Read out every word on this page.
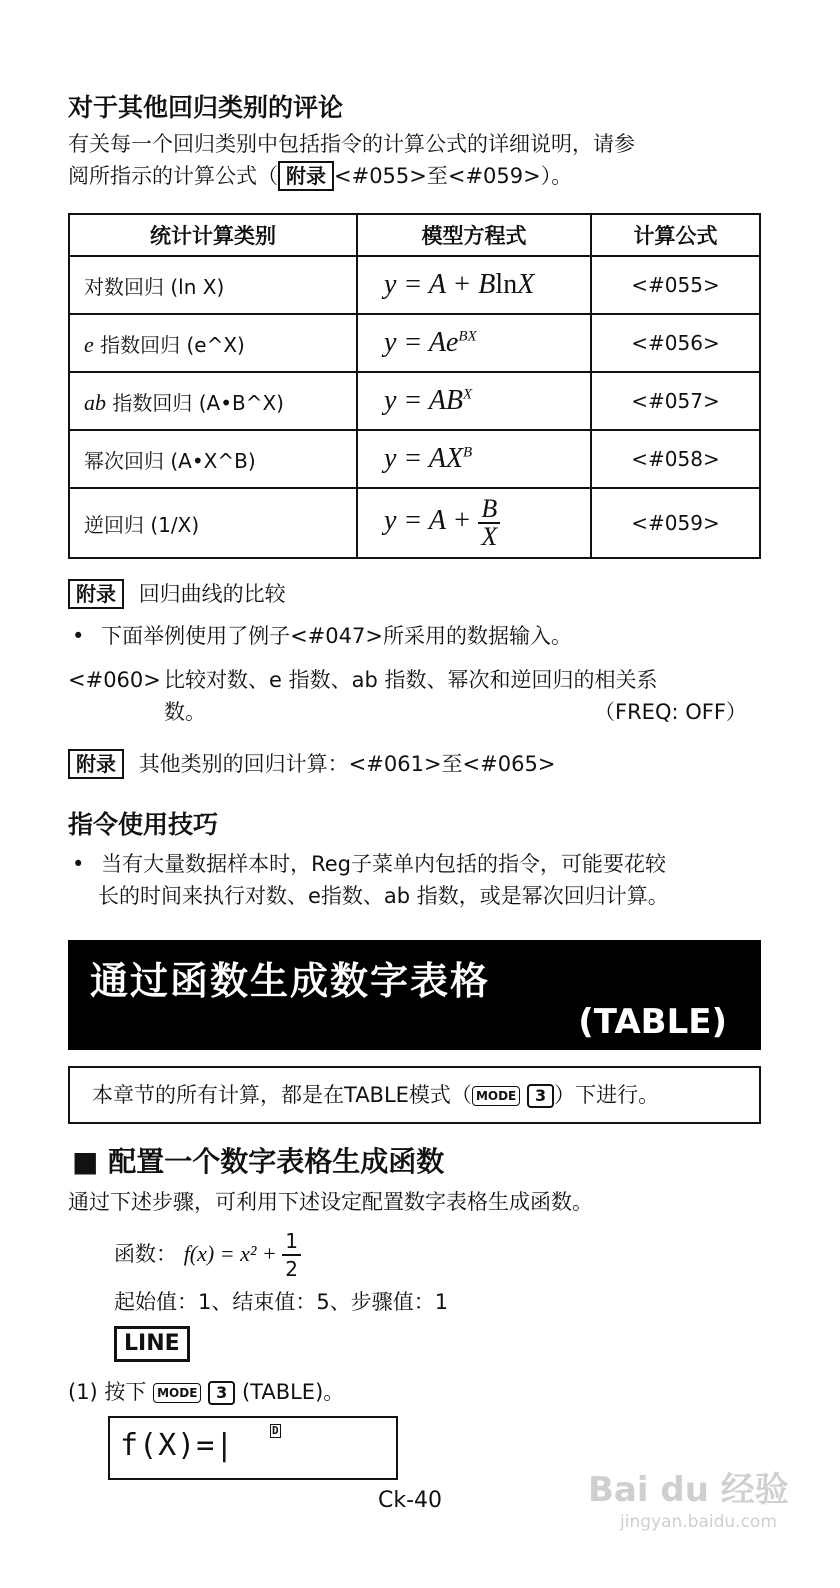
对于其他回归类别的评论
有关每一个回归类别中包括指令的计算公式的详细说明，请参
阅所指示的计算公式（ 附录 <#055>至<#059>）。
统计计算类别	模型方程式	计算公式
对数回归 (ln X)	y = A + BlnX	<#055>
e 指数回归 (e^X)	$y = Ae^{BX}$	<#056>
ab 指数回归 (A•B^X)	$y = AB^X$	<#057>
幂次回归 (A•X^B)	$y = AX^B$	<#058>
逆回归 (1/X)	$y = A + \frac{B}{X}$	<#059>
附录 回归曲线的比较
• 下面举例使用了例子<#047>所采用的数据输入。
<#060> 比较对数、e 指数、ab 指数、幂次和逆回归的相关系
数。	（FREQ: OFF）
附录 其他类别的回归计算：<#061>至<#065>
指令使用技巧
• 当有大量数据样本时，Reg子菜单内包括的指令，可能要花较
长的时间来执行对数、e指数、ab 指数，或是幂次回归计算。
通过函数生成数字表格
(TABLE)
本章节的所有计算，都是在TABLE模式（ MODE 3 ）下进行。
■ 配置一个数字表格生成函数
通过下述步骤，可利用下述设定配置数字表格生成函数。
函数： $f(x) = x^2 + \frac{1}{2}$
起始值：1、结束值：5、步骤值：1
LINE
(1) 按下 MODE 3 (TABLE)。
D
f(X)=|
Ck-40	Bai du 经验
jingyan.baidu.com
